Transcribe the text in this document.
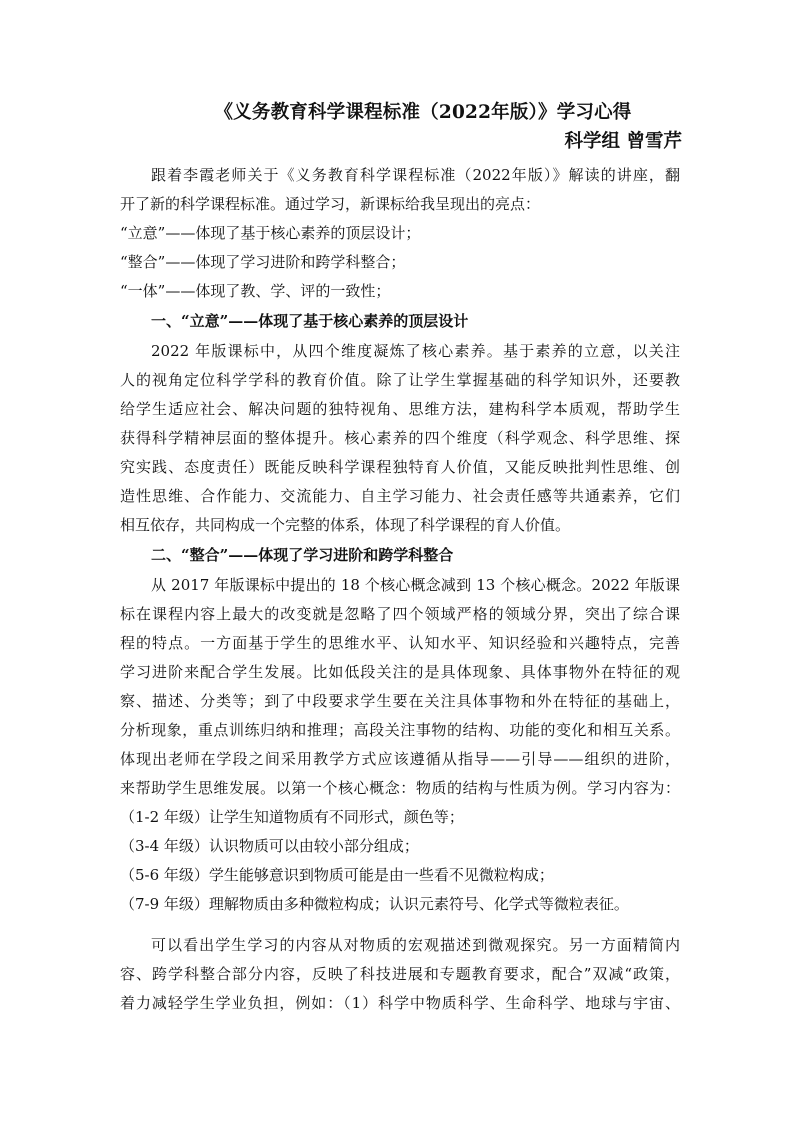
《义务教育科学课程标准（2022年版）》学习心得
科学组 曾雪芹
跟着李霞老师关于《义务教育科学课程标准（2022年版）》解读的讲座，翻
开了新的科学课程标准。通过学习，新课标给我呈现出的亮点：
“立意”——体现了基于核心素养的顶层设计；
“整合”——体现了学习进阶和跨学科整合；
“一体”——体现了教、学、评的一致性；
一、“立意”——体现了基于核心素养的顶层设计
2022 年版课标中，从四个维度凝炼了核心素养。基于素养的立意，以关注
人的视角定位科学学科的教育价值。除了让学生掌握基础的科学知识外，还要教
给学生适应社会、解决问题的独特视角、思维方法，建构科学本质观，帮助学生
获得科学精神层面的整体提升。核心素养的四个维度（科学观念、科学思维、探
究实践、态度责任）既能反映科学课程独特育人价值，又能反映批判性思维、创
造性思维、合作能力、交流能力、自主学习能力、社会责任感等共通素养，它们
相互依存，共同构成一个完整的体系，体现了科学课程的育人价值。
二、“整合”——体现了学习进阶和跨学科整合
从 2017 年版课标中提出的 18 个核心概念减到 13 个核心概念。2022 年版课
标在课程内容上最大的改变就是忽略了四个领域严格的领域分界，突出了综合课
程的特点。一方面基于学生的思维水平、认知水平、知识经验和兴趣特点，完善
学习进阶来配合学生发展。比如低段关注的是具体现象、具体事物外在特征的观
察、描述、分类等；到了中段要求学生要在关注具体事物和外在特征的基础上，
分析现象，重点训练归纳和推理；高段关注事物的结构、功能的变化和相互关系。
体现出老师在学段之间采用教学方式应该遵循从指导——引导——组织的进阶，
来帮助学生思维发展。以第一个核心概念：物质的结构与性质为例。学习内容为：
（1-2 年级）让学生知道物质有不同形式，颜色等；
（3-4 年级）认识物质可以由较小部分组成；
（5-6 年级）学生能够意识到物质可能是由一些看不见微粒构成；
（7-9 年级）理解物质由多种微粒构成；认识元素符号、化学式等微粒表征。
可以看出学生学习的内容从对物质的宏观描述到微观探究。另一方面精简内
容、跨学科整合部分内容，反映了科技进展和专题教育要求，配合”双减“政策，
着力减轻学生学业负担，例如：（1）科学中物质科学、生命科学、地球与宇宙、
